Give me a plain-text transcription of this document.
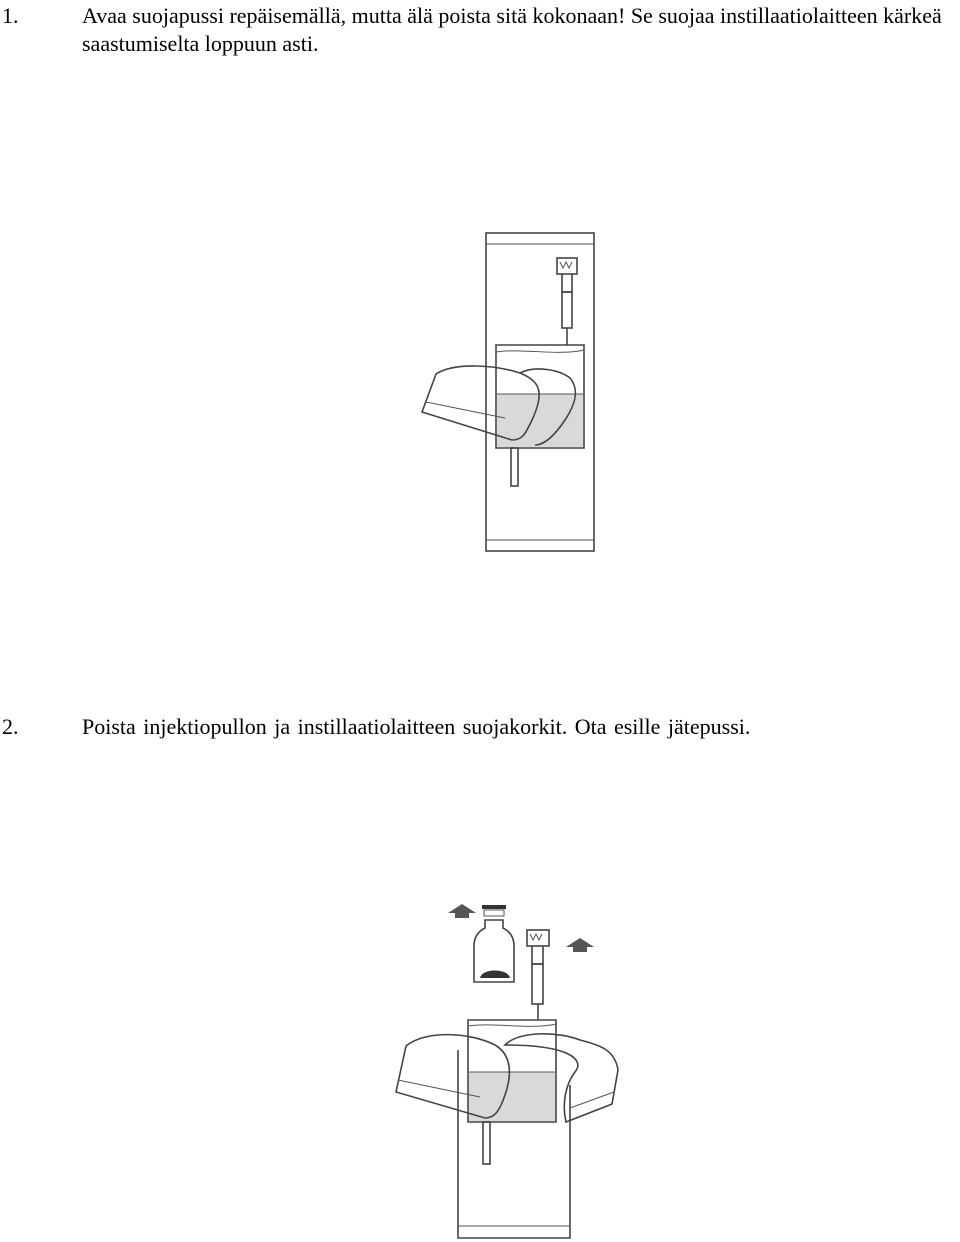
1.	Avaa suojapussi repäisemällä, mutta älä poista sitä kokonaan! Se suojaa instillaatiolaitteen kärkeä saastumiselta loppuun asti.
2.	Poista injektiopullon ja instillaatiolaitteen suojakorkit. Ota esille jätepussi.
